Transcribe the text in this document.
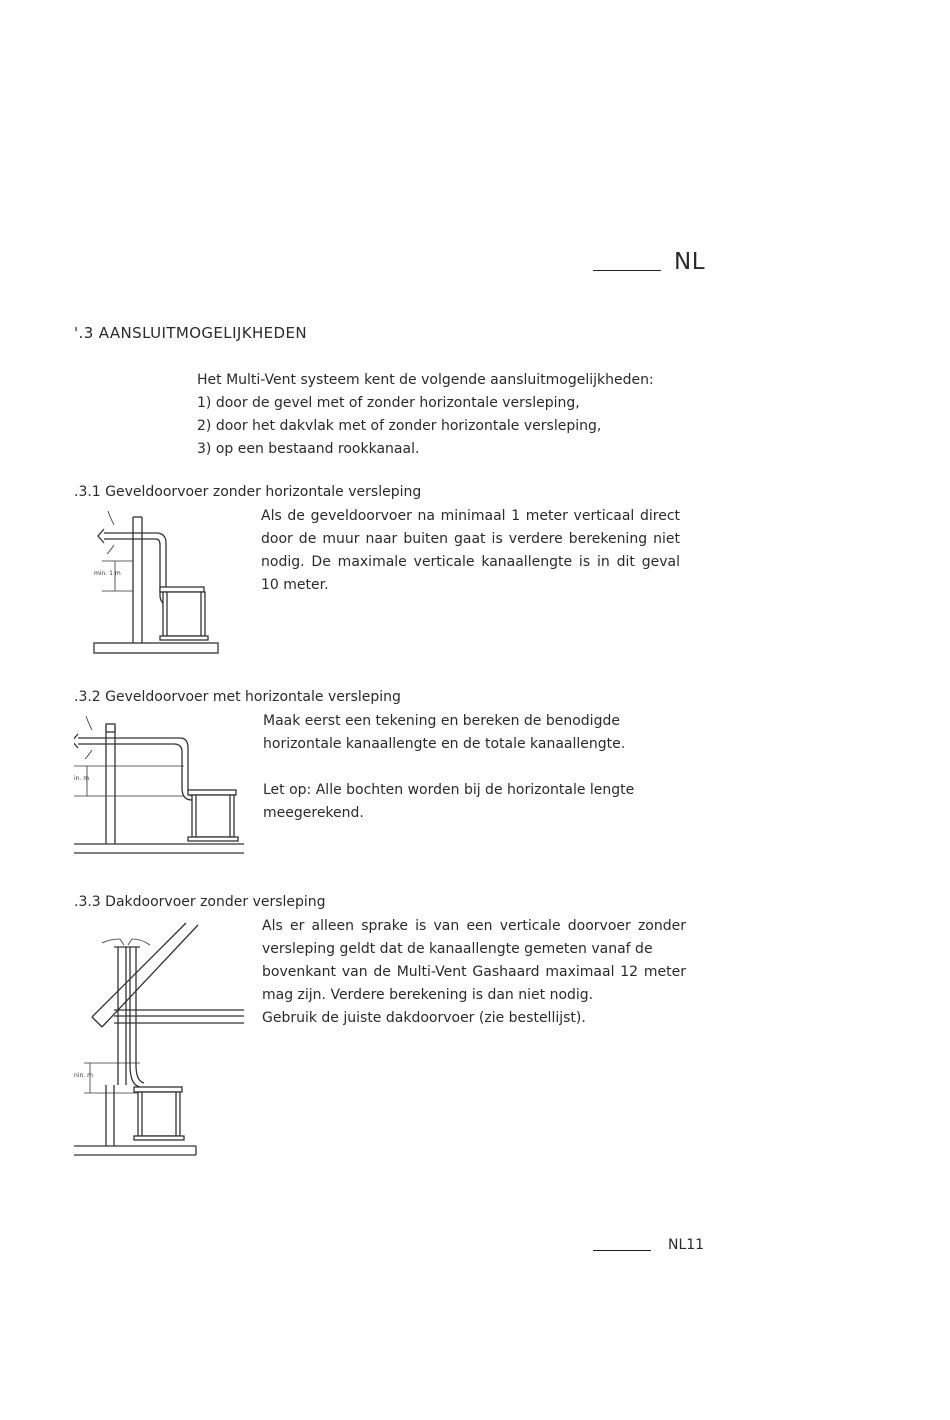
NL
'.3 AANSLUITMOGELIJKHEDEN
Het Multi-Vent systeem kent de volgende aansluitmogelijkheden:
1) door de gevel met of zonder horizontale versleping,
2) door het dakvlak met of zonder horizontale versleping,
3) op een bestaand rookkanaal.
.3.1 Geveldoorvoer zonder horizontale versleping
Als de geveldoorvoer na minimaal 1 meter verticaal direct
door de muur naar buiten gaat is verdere berekening niet
nodig. De maximale verticale kanaallengte is in dit geval
10 meter.
min. 1 m
.3.2 Geveldoorvoer met horizontale versleping
Maak eerst een tekening en bereken de benodigde
horizontale kanaallengte en de totale kanaallengte.
Let op: Alle bochten worden bij de horizontale lengte
meegerekend.
in. m
.3.3 Dakdoorvoer zonder versleping
Als er alleen sprake is van een verticale doorvoer zonder
versleping geldt dat de kanaallengte gemeten vanaf de
bovenkant van de Multi-Vent Gashaard maximaal 12 meter
mag zijn. Verdere berekening is dan niet nodig.
Gebruik de juiste dakdoorvoer (zie bestellijst).
nin. m
NL11
